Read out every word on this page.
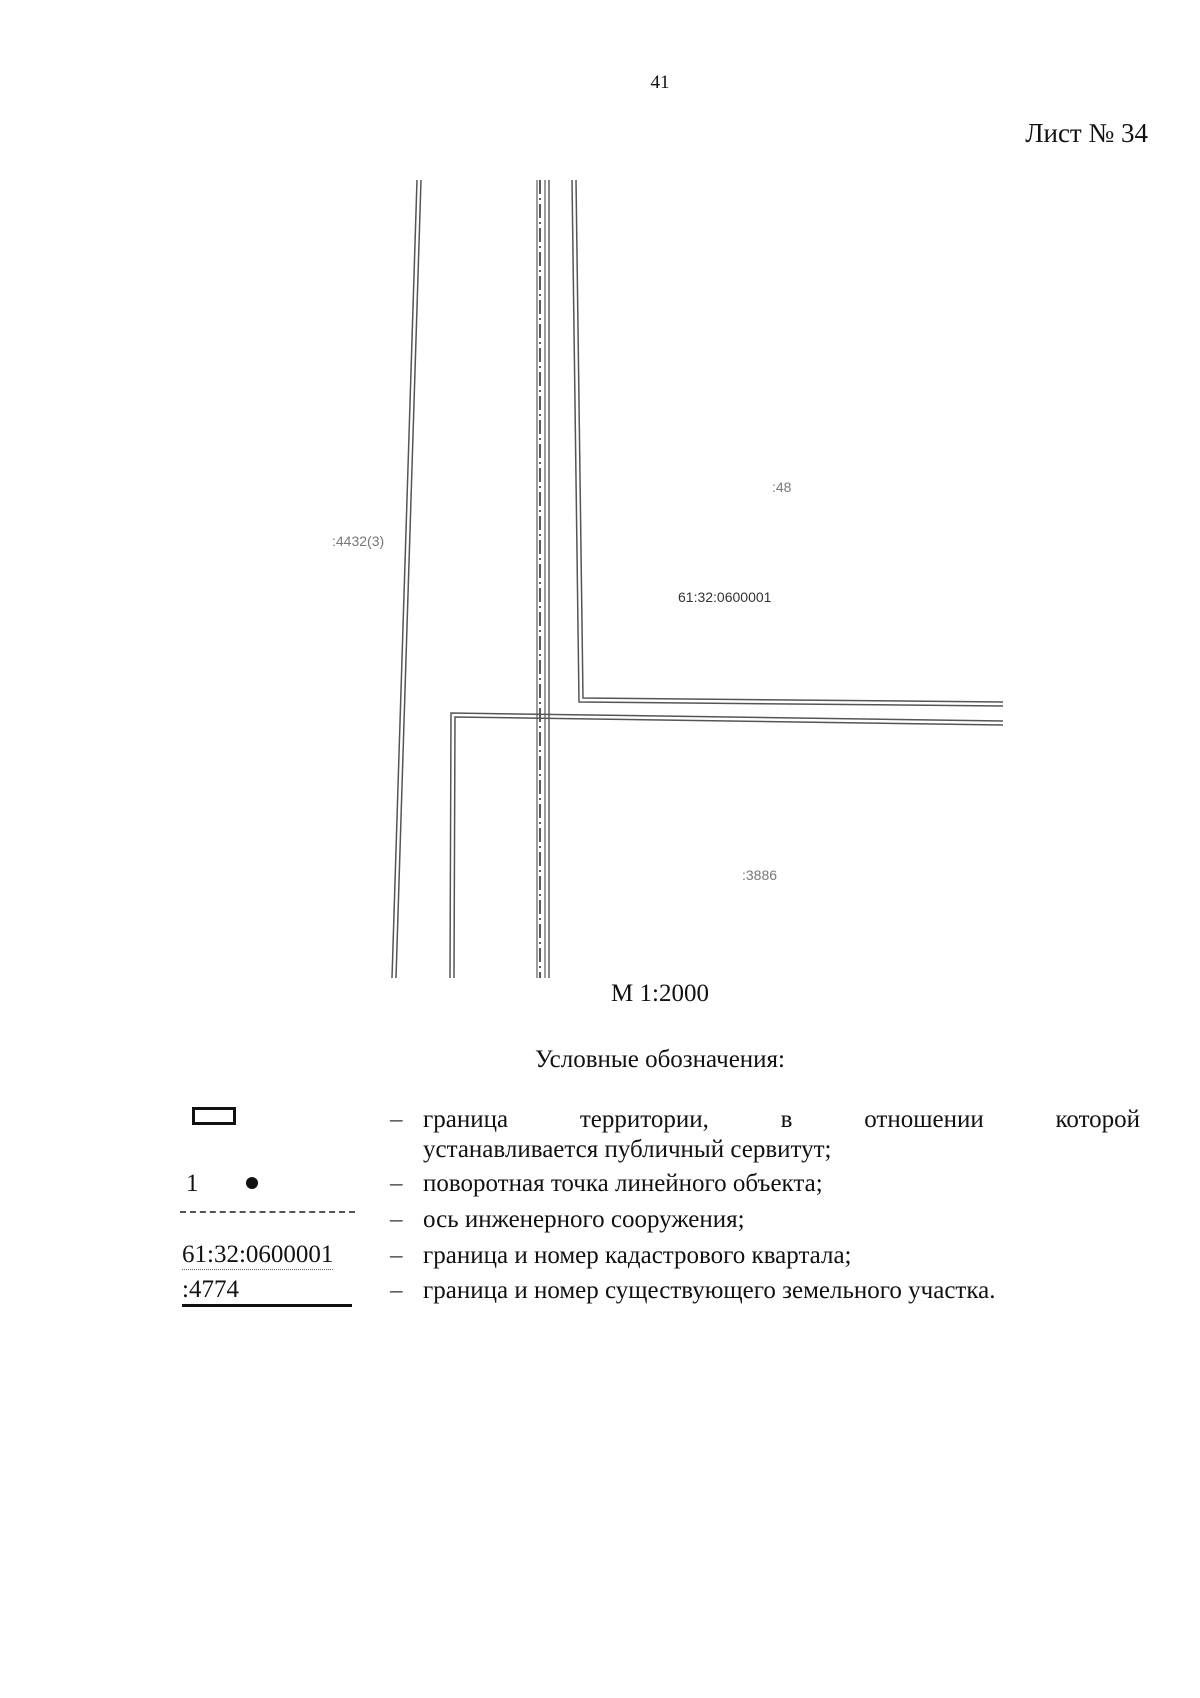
41
Лист № 34
:4432(3)
:48
61:32:0600001
:3886
М 1:2000
Условные обозначения:
– граница	территории,	в	отношении	которой
устанавливается публичный сервитут;
1	– поворотная точка линейного объекта;
– ось инженерного сооружения;
61:32:0600001 – граница и номер кадастрового квартала;
:4774	– граница и номер существующего земельного участка.
